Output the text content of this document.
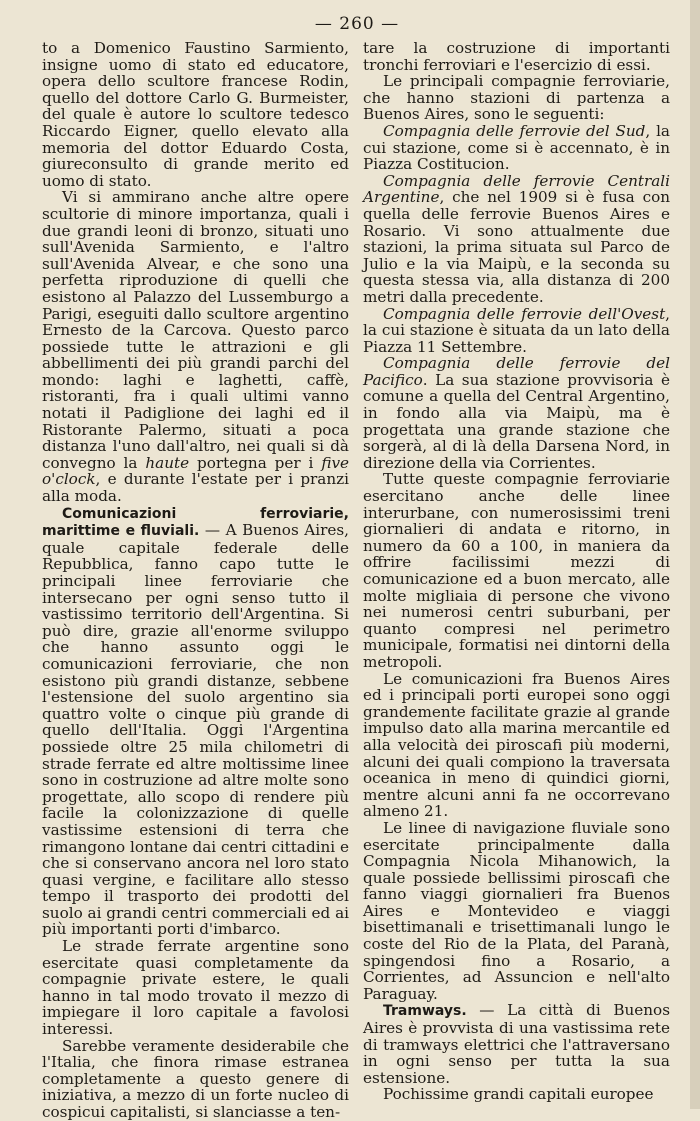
— 260 —

to a Domenico Faustino Sarmiento, insigne uomo di stato ed educatore, opera dello scultore francese Rodin, quello del dottore Carlo G. Burmeister, del quale è autore lo scultore tedesco Riccardo Eigner, quello elevato alla memoria del dottor Eduardo Costa, giureconsulto di grande merito ed uomo di stato.

Vi si ammirano anche altre opere scultorie di minore importanza, quali i due grandi leoni di bronzo, situati uno sull'Avenida Sarmiento, e l'altro sull'Avenida Alvear, e che sono una perfetta riproduzione di quelli che esistono al Palazzo del Lussemburgo a Parigi, eseguiti dallo scultore argentino Ernesto de la Carcova. Questo parco possiede tutte le attrazioni e gli abbellimenti dei più grandi parchi del mondo: laghi e laghetti, caffè, ristoranti, fra i quali ultimi vanno notati il Padiglione dei laghi ed il Ristorante Palermo, situati a poca distanza l'uno dall'altro, nei quali si dà convegno la haute portegna per i five o'clock, e durante l'estate per i pranzi alla moda.

Comunicazioni ferroviarie, marittime e fluviali. — A Buenos Aires, quale capitale federale delle Repubblica, fanno capo tutte le principali linee ferroviarie che intersecano per ogni senso tutto il vastissimo territorio dell'Argentina. Si può dire, grazie all'enorme sviluppo che hanno assunto oggi le comunicazioni ferroviarie, che non esistono più grandi distanze, sebbene l'estensione del suolo argentino sia quattro volte o cinque più grande di quello dell'Italia. Oggi l'Argentina possiede oltre 25 mila chilometri di strade ferrate ed altre moltissime linee sono in costruzione ad altre molte sono progettate, allo scopo di rendere più facile la colonizzazione di quelle vastissime estensioni di terra che rimangono lontane dai centri cittadini e che si conservano ancora nel loro stato quasi vergine, e facilitare allo stesso tempo il trasporto dei prodotti del suolo ai grandi centri commerciali ed ai più importanti porti d'imbarco.

Le strade ferrate argentine sono esercitate quasi completamente da compagnie private estere, le quali hanno in tal modo trovato il mezzo di impiegare il loro capitale a favolosi interessi.

Sarebbe veramente desiderabile che l'Italia, che finora rimase estranea completamente a questo genere di iniziativa, a mezzo di un forte nucleo di cospicui capitalisti, si slanciasse a ten-

tare la costruzione di importanti tronchi ferroviari e l'esercizio di essi.

Le principali compagnie ferroviarie, che hanno stazioni di partenza a Buenos Aires, sono le seguenti:

Compagnia delle ferrovie del Sud, la cui stazione, come si è accennato, è in Piazza Costitucion.

Compagnia delle ferrovie Centrali Argentine, che nel 1909 si è fusa con quella delle ferrovie Buenos Aires e Rosario. Vi sono attualmente due stazioni, la prima situata sul Parco de Julio e la via Maipù, e la seconda su questa stessa via, alla distanza di 200 metri dalla precedente.

Compagnia delle ferrovie dell'Ovest, la cui stazione è situata da un lato della Piazza 11 Settembre.

Compagnia delle ferrovie del Pacifico. La sua stazione provvisoria è comune a quella del Central Argentino, in fondo alla via Maipù, ma è progettata una grande stazione che sorgerà, al di là della Darsena Nord, in direzione della via Corrientes.

Tutte queste compagnie ferroviarie esercitano anche delle linee interurbane, con numerosissimi treni giornalieri di andata e ritorno, in numero da 60 a 100, in maniera da offrire facilissimi mezzi di comunicazione ed a buon mercato, alle molte migliaia di persone che vivono nei numerosi centri suburbani, per quanto compresi nel perimetro municipale, formatisi nei dintorni della metropoli.

Le comunicazioni fra Buenos Aires ed i principali porti europei sono oggi grandemente facilitate grazie al grande impulso dato alla marina mercantile ed alla velocità dei piroscafi più moderni, alcuni dei quali compiono la traversata oceanica in meno di quindici giorni, mentre alcuni anni fa ne occorrevano almeno 21.

Le linee di navigazione fluviale sono esercitate principalmente dalla Compagnia Nicola Mihanowich, la quale possiede bellissimi piroscafi che fanno viaggi giornalieri fra Buenos Aires e Montevideo e viaggi bisettimanali e trisettimanali lungo le coste del Rio de la Plata, del Paranà, spingendosi fino a Rosario, a Corrientes, ad Assuncion e nell'alto Paraguay.

Tramways. — La città di Buenos Aires è provvista di una vastissima rete di tramways elettrici che l'attraversano in ogni senso per tutta la sua estensione.

Pochissime grandi capitali europee
